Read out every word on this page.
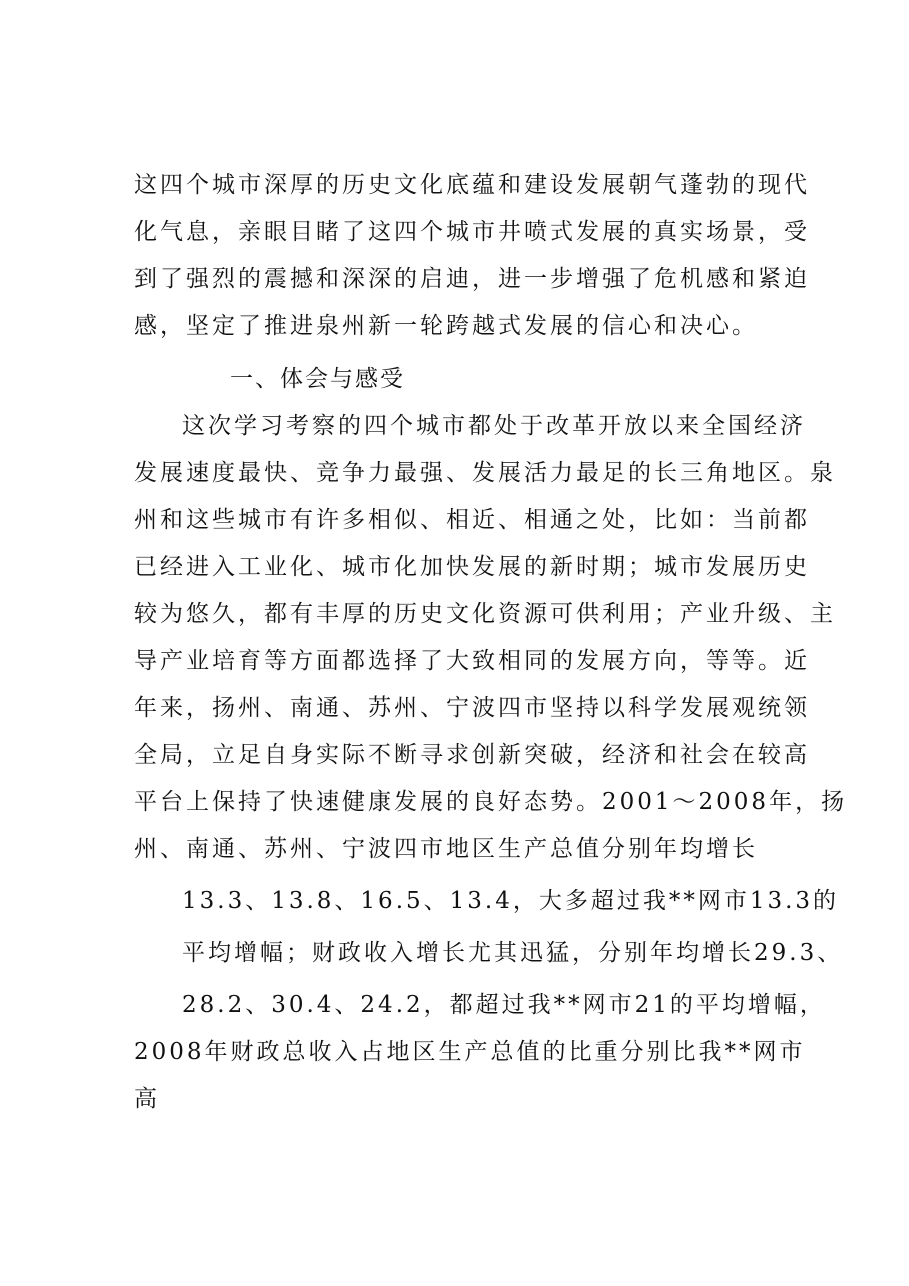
这四个城市深厚的历史文化底蕴和建设发展朝气蓬勃的现代
化气息，亲眼目睹了这四个城市井喷式发展的真实场景，受
到了强烈的震撼和深深的启迪，进一步增强了危机感和紧迫
感，坚定了推进泉州新一轮跨越式发展的信心和决心。
一、体会与感受
这次学习考察的四个城市都处于改革开放以来全国经济
发展速度最快、竞争力最强、发展活力最足的长三角地区。泉
州和这些城市有许多相似、相近、相通之处，比如：当前都
已经进入工业化、城市化加快发展的新时期；城市发展历史
较为悠久，都有丰厚的历史文化资源可供利用；产业升级、主
导产业培育等方面都选择了大致相同的发展方向，等等。近
年来，扬州、南通、苏州、宁波四市坚持以科学发展观统领
全局，立足自身实际不断寻求创新突破，经济和社会在较高
平台上保持了快速健康发展的良好态势。2001～2008年，扬
州、南通、苏州、宁波四市地区生产总值分别年均增长
13.3、13.8、16.5、13.4，大多超过我**网市13.3的
平均增幅；财政收入增长尤其迅猛，分别年均增长29.3、
28.2、30.4、24.2，都超过我**网市21的平均增幅，
2008年财政总收入占地区生产总值的比重分别比我**网市
高
